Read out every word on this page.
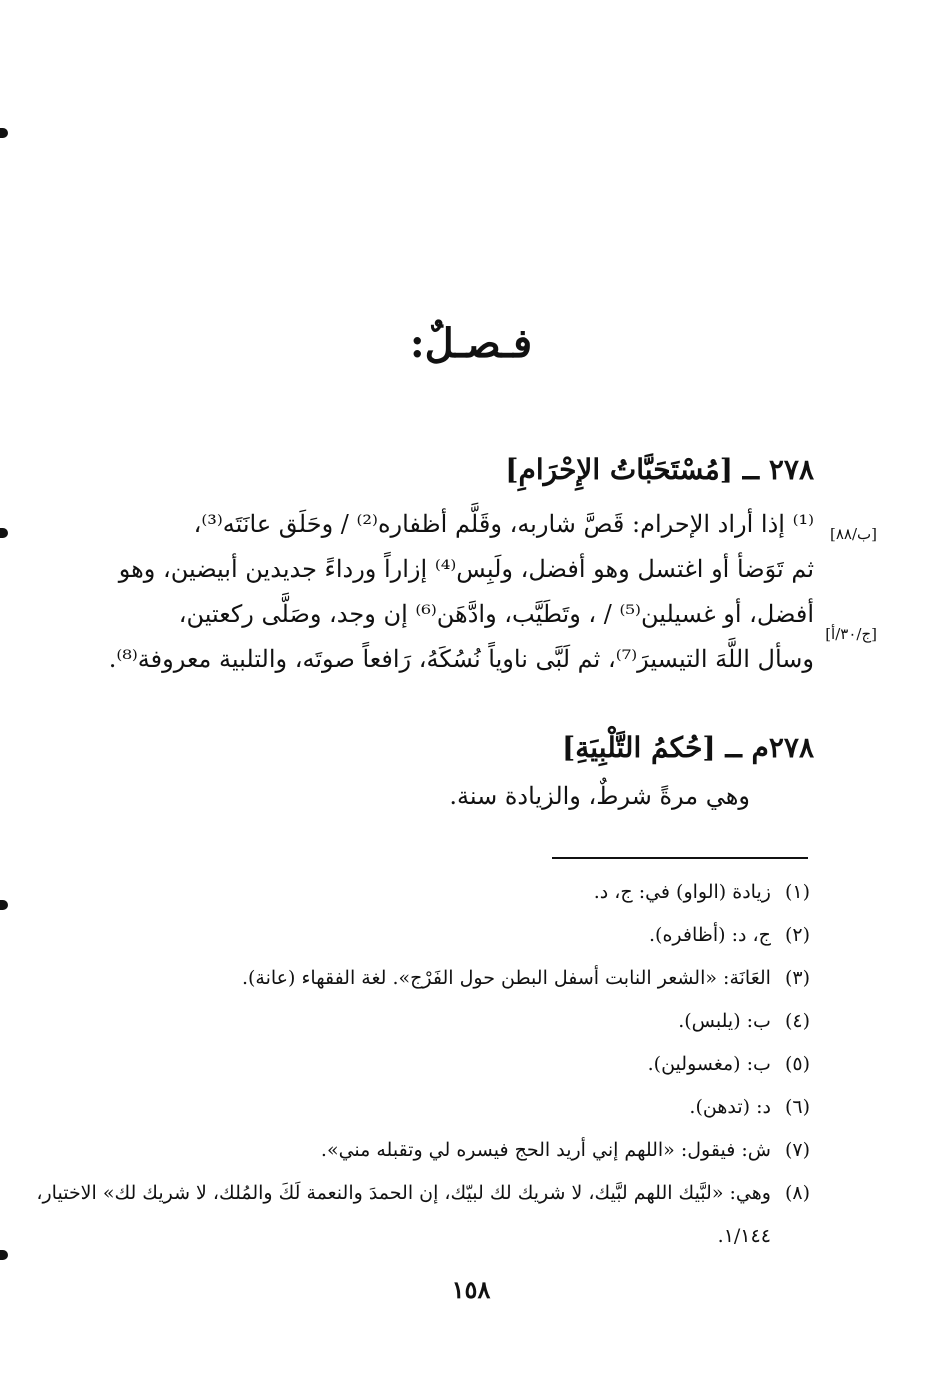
فـصـلٌ:
٢٧٨ ــ [مُسْتَحَبَّاتُ الإِحْرَامِ]

⁽¹⁾ إذا أراد الإحرام: قَصَّ شاربه، وقَلَّم أظفاره⁽²⁾ / وحَلَق عانَتَه⁽³⁾،

ثم تَوَضأ أو اغتسل وهو أفضل، ولَبِس⁽⁴⁾ إزاراً ورداءً جديدين أبيضين، وهو

أفضل، أو غسيلين⁽⁵⁾ / ، وتَطَيَّب، وادَّهَن⁽⁶⁾ إن وجد، وصَلَّى ركعتين،

وسأل اللَّهَ التيسيرَ⁽⁷⁾، ثم لَبَّى ناوياً نُسُكَهُ، رَافعاً صوتَه، والتلبية معروفة⁽⁸⁾.

[ب/٨٨]
[ج/٣٠/أ]
٢٧٨م ــ [حُكمُ التَّلْبِيَةِ]

وهي مرةً شرطٌ، والزيادة سنة.

(١)
زيادة (الواو) في: ج، د.
(٢)
ج، د: (أظافره).
(٣)
العَانَة: «الشعر النابت أسفل البطن حول الفَرْج». لغة الفقهاء (عانة).
(٤)
ب: (يلبس).
(٥)
ب: (مغسولين).
(٦)
د: (تدهن).
(٧)
ش: فيقول: «اللهم إني أريد الحج فيسره لي وتقبله مني».
(٨)
وهي: «لبَّيك اللهم لبَّيك، لا شريك لك لبيّك، إن الحمدَ والنعمة لَكَ والمُلك، لا شريك لك» الاختيار، ١/١٤٤.
١٥٨
